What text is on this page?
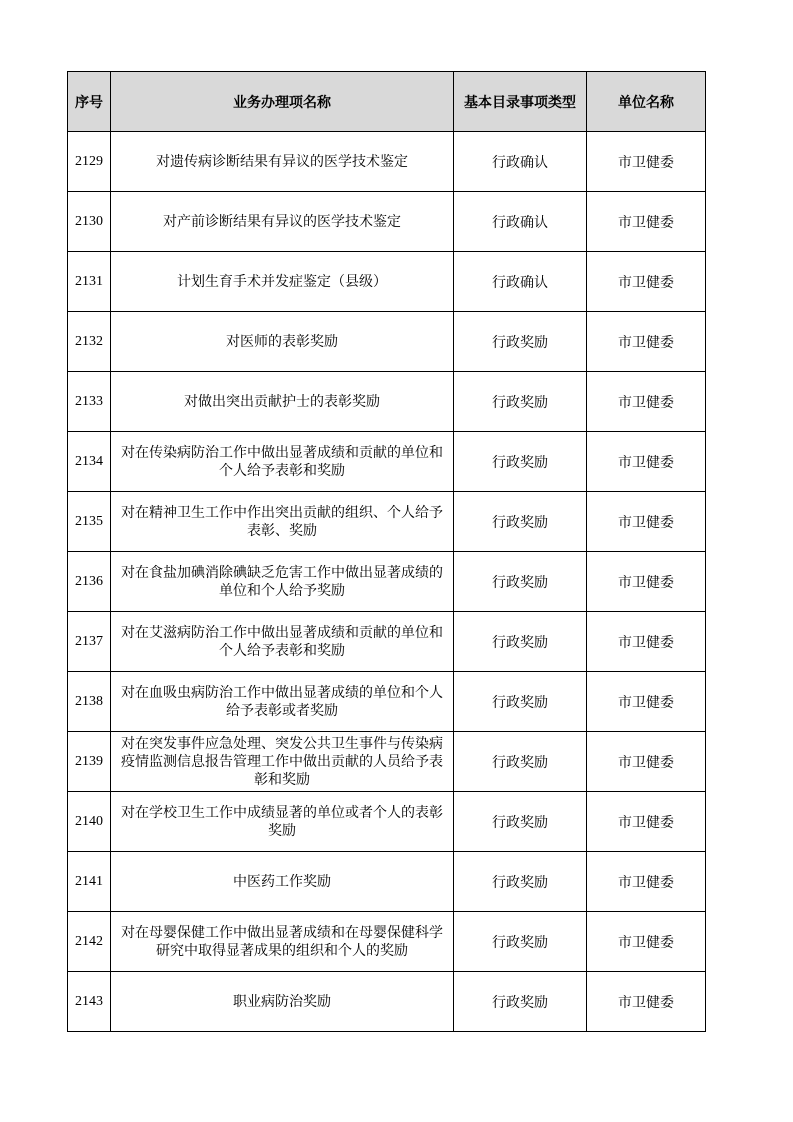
序号	业务办理项名称	基本目录事项类型	单位名称
2129	对遗传病诊断结果有异议的医学技术鉴定	行政确认	市卫健委
2130	对产前诊断结果有异议的医学技术鉴定	行政确认	市卫健委
2131	计划生育手术并发症鉴定（县级）	行政确认	市卫健委
2132	对医师的表彰奖励	行政奖励	市卫健委
2133	对做出突出贡献护士的表彰奖励	行政奖励	市卫健委
2134	对在传染病防治工作中做出显著成绩和贡献的单位和个人给予表彰和奖励	行政奖励	市卫健委
2135	对在精神卫生工作中作出突出贡献的组织、个人给予表彰、奖励	行政奖励	市卫健委
2136	对在食盐加碘消除碘缺乏危害工作中做出显著成绩的单位和个人给予奖励	行政奖励	市卫健委
2137	对在艾滋病防治工作中做出显著成绩和贡献的单位和个人给予表彰和奖励	行政奖励	市卫健委
2138	对在血吸虫病防治工作中做出显著成绩的单位和个人给予表彰或者奖励	行政奖励	市卫健委
2139	对在突发事件应急处理、突发公共卫生事件与传染病疫情监测信息报告管理工作中做出贡献的人员给予表彰和奖励	行政奖励	市卫健委
2140	对在学校卫生工作中成绩显著的单位或者个人的表彰奖励	行政奖励	市卫健委
2141	中医药工作奖励	行政奖励	市卫健委
2142	对在母婴保健工作中做出显著成绩和在母婴保健科学研究中取得显著成果的组织和个人的奖励	行政奖励	市卫健委
2143	职业病防治奖励	行政奖励	市卫健委
